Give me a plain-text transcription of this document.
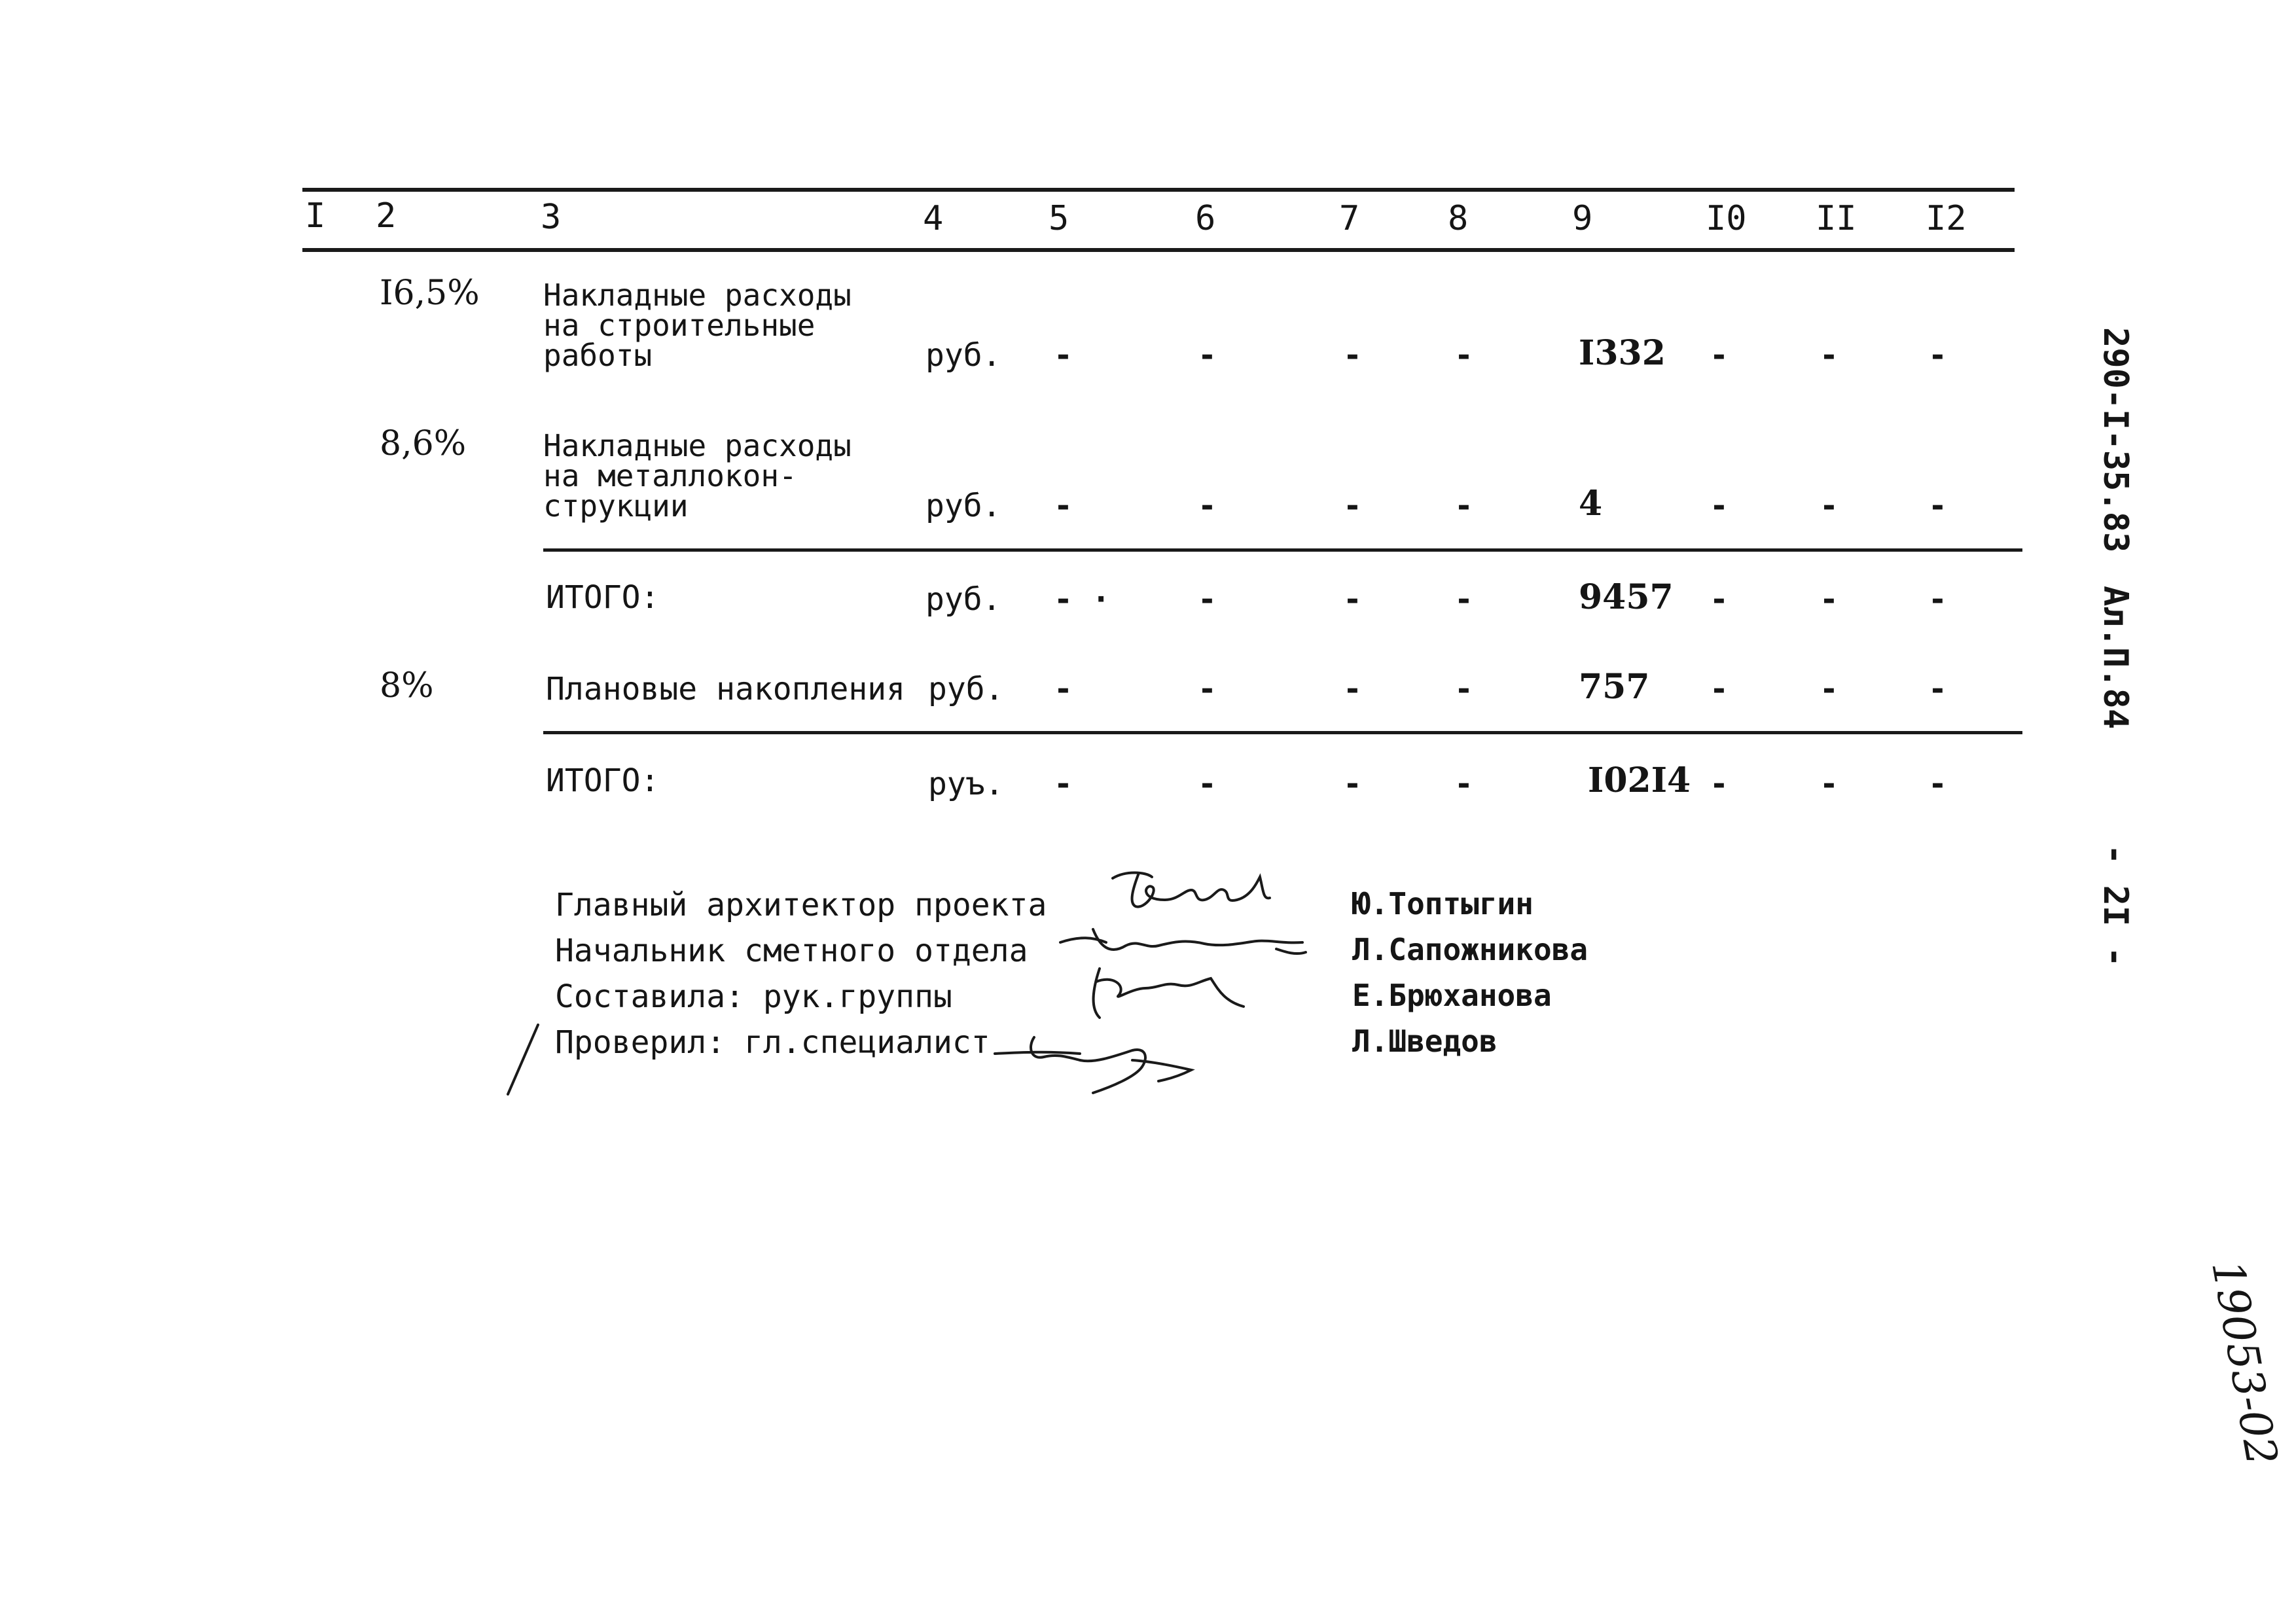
I 2	3	4	5	6	7	8	9	I0 II I2
I6,5% Накладные расходы
на строительные
работы	руб. -	-	-	-	I332 -	-	-
8,6%	Накладные расходы
на металлокон-
струкции	руб. -	-	-	-	4	-	-	-
ИТОГО:	руб. - ·	-	-	-	9457 -	-	-
8%	Плановые накопления руб. -	-	-	-	757 -	-	-
ИТОГО:	руъ. -	-	-	-	I02I4 -	-	-
Главный архитектор проекта
Начальник сметного отдела
Составила: рук.группы
Проверил: гл.специалист
Ю.Топтыгин
Л.Сапожникова
Е.Брюханова
Л.Шведов
290-I-35.83
Ал.П.84
- 2I -
19053-02
